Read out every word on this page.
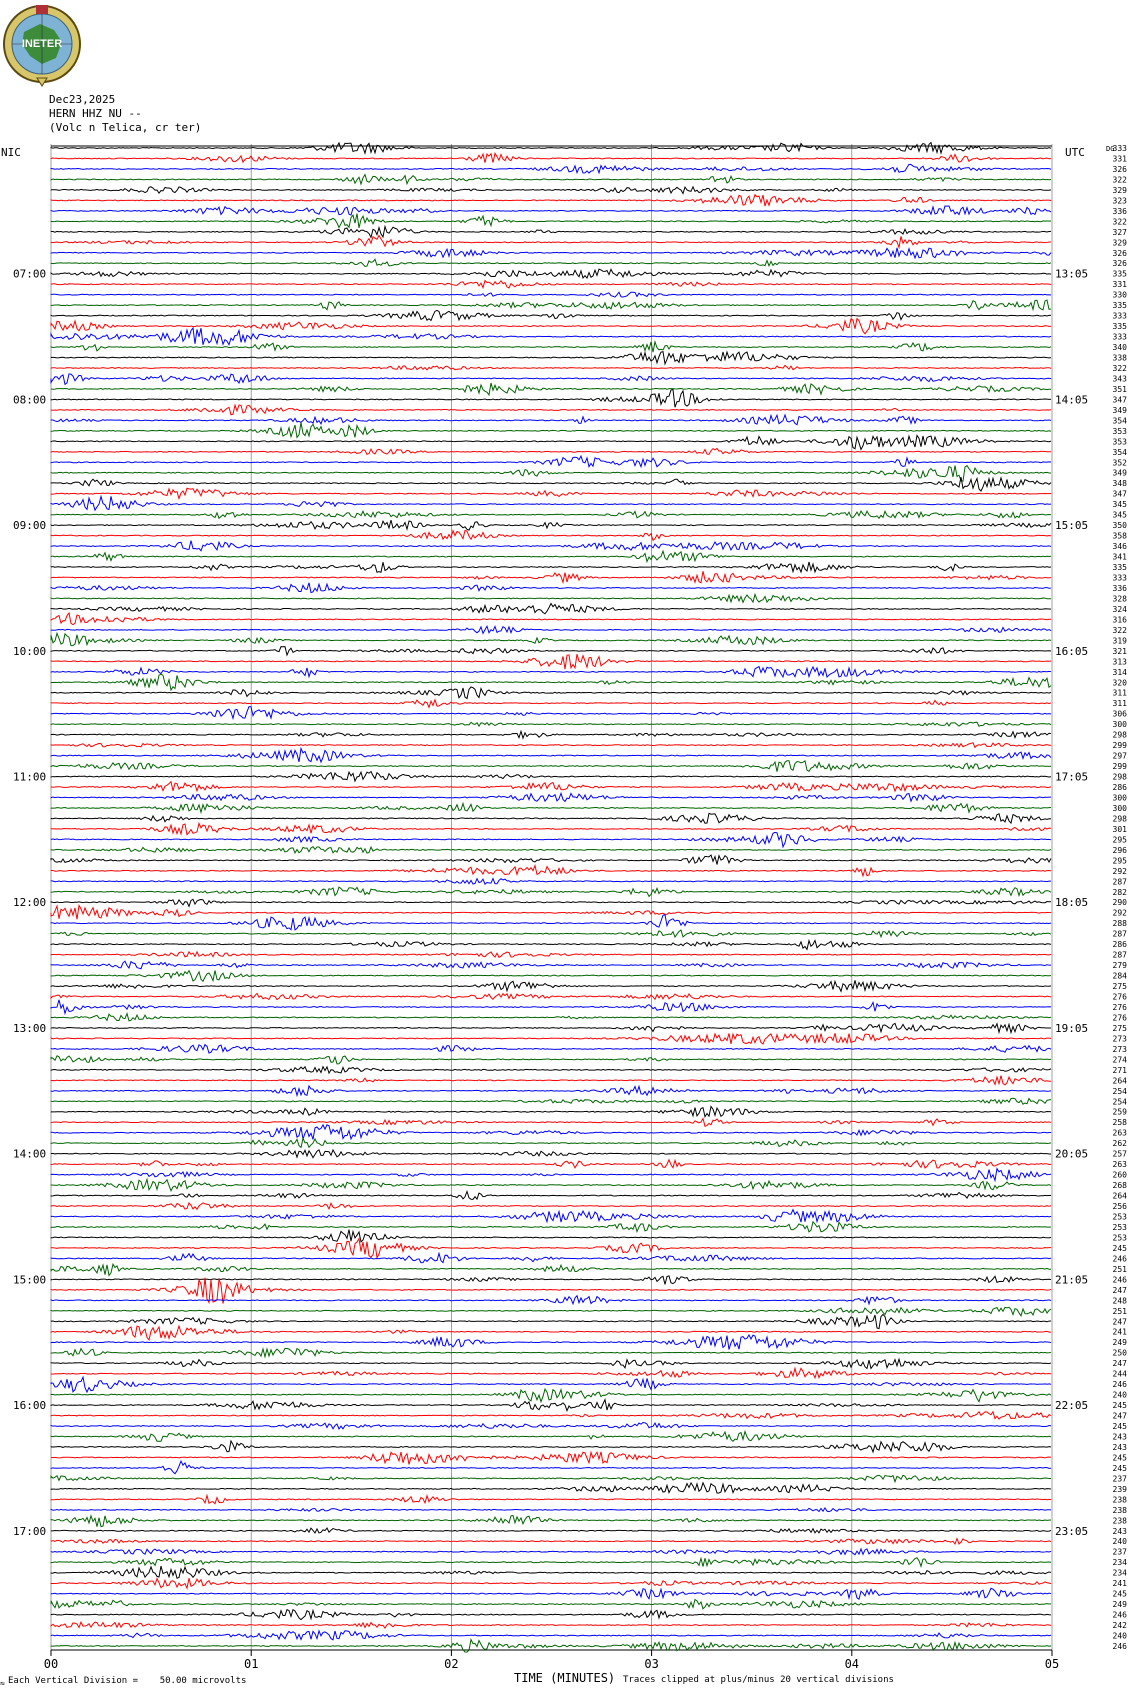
INETER
Dec23,2025
HERN HHZ NU --
(Volc n Telica, cr ter)
00	01	02	03	04	05
333
331
326
322
329
323
336
322
327
329
326
326
335
331
330
335
333
335
333
340
338
322
343
351
347
349
354
353
353
354
352
349
348
347
345
345
350
358
346
341
335
333
336
328
324
316
322
319
321
313
314
320
311
311
306
300
298
299
297
299
298
286
300
300
298
301
295
296
295
292
287
282
290
292
288
287
286
287
279
284
275
276
276
276
275
273
273
274
271
264
254
254
259
258
263
262
257
263
260
268
264
256
253
253
253
245
246
251
246
247
248
251
247
241
249
250
247
244
246
240
245
247
245
243
243
245
245
237
239
238
238
238
243
240
237
234
234
241
245
249
246
242
240
246
NIC	UTC	DG
07:00
08:00
09:00
10:00
11:00
12:00
13:00
14:00
15:00
16:00
17:00
13:05
14:05
15:05
16:05
17:05
18:05
19:05
20:05
21:05
22:05
23:05
≈ Each Vertical Division =    50.00 microvolts	TIME (MINUTES) Traces clipped at plus/minus 20 vertical divisions
